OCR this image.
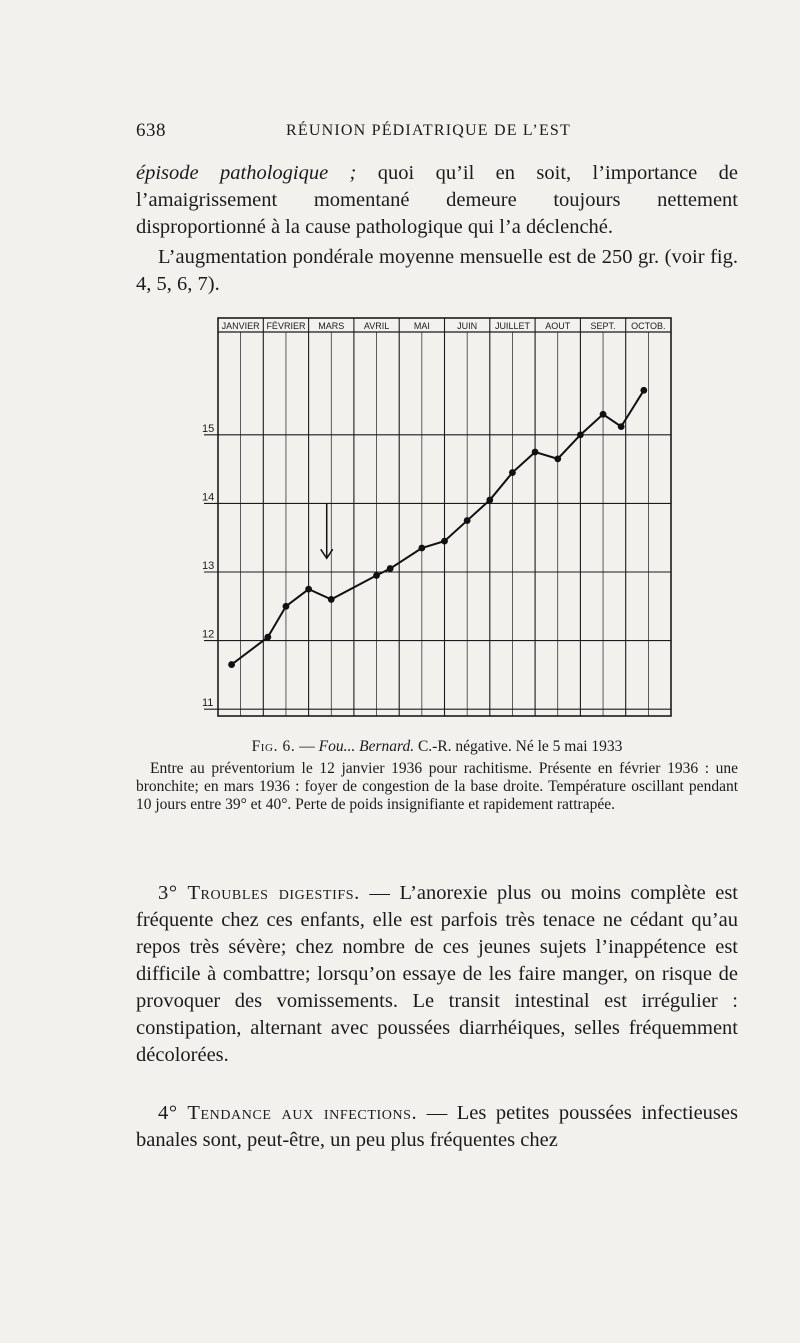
638	RÉUNION PÉDIATRIQUE DE L’EST
épisode pathologique ; quoi qu’il en soit, l’importance de l’amaigrissement momentané demeure toujours nettement disproportionné à la cause pathologique qui l’a déclenché.
L’augmentation pondérale moyenne mensuelle est de 250 gr. (voir fig. 4, 5, 6, 7).
JANVIER FÉVRIER MARS AVRIL	MAI	JUIN JUILLET AOUT SEPT. OCTOB.
11
12
13
14
15
Fig. 6. — Fou... Bernard. C.-R. négative. Né le 5 mai 1933
Entre au préventorium le 12 janvier 1936 pour rachitisme. Présente en février 1936 : une bronchite; en mars 1936 : foyer de congestion de la base droite. Température oscillant pendant 10 jours entre 39° et 40°. Perte de poids insignifiante et rapidement rattrapée.
3° Troubles digestifs. — L’anorexie plus ou moins complète est fréquente chez ces enfants, elle est parfois très tenace ne cédant qu’au repos très sévère; chez nombre de ces jeunes sujets l’inappétence est difficile à combattre; lorsqu’on essaye de les faire manger, on risque de provoquer des vomissements. Le transit intestinal est irrégulier : constipation, alternant avec poussées diarrhéiques, selles fréquemment décolorées.
4° Tendance aux infections. — Les petites poussées infectieuses banales sont, peut-être, un peu plus fréquentes chez
